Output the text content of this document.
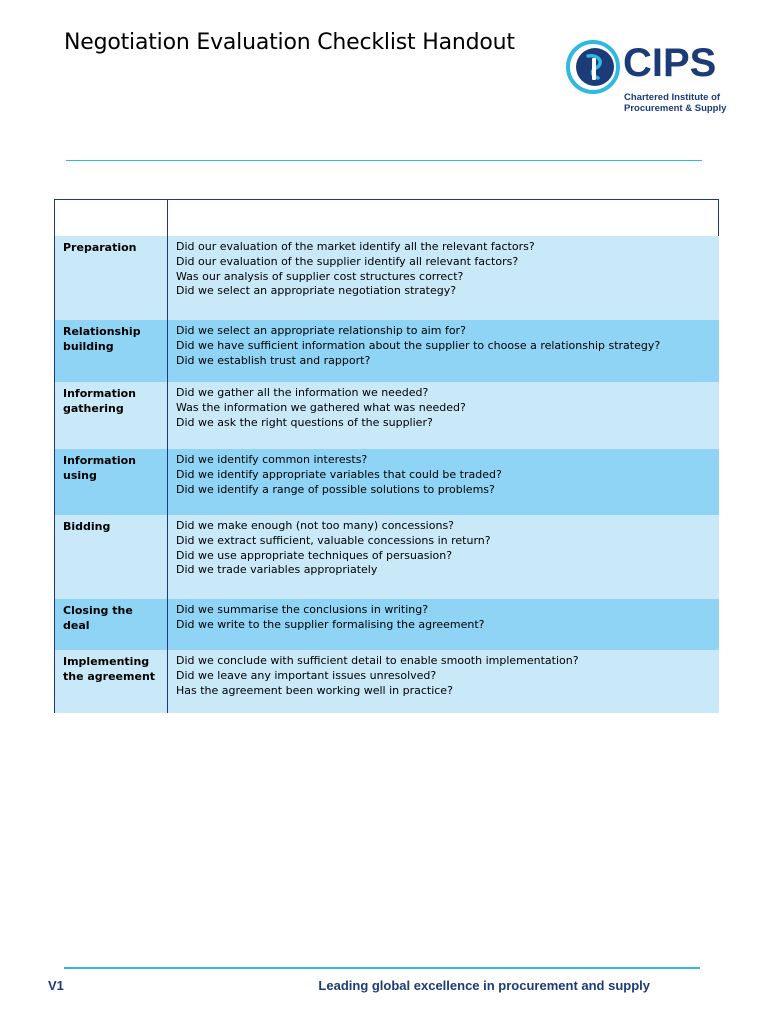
Negotiation Evaluation Checklist Handout	CIPS
Chartered Institute of
Procurement & Supply

Preparation	Did our evaluation of the market identify all the relevant factors?
Did our evaluation of the supplier identify all relevant factors?
Was our analysis of supplier cost structures correct?
Did we select an appropriate negotiation strategy?

Relationship building	Did we select an appropriate relationship to aim for?
Did we have sufficient information about the supplier to choose a relationship strategy?
Did we establish trust and rapport?

Information gathering	Did we gather all the information we needed?
Was the information we gathered what was needed?
Did we ask the right questions of the supplier?

Information using	Did we identify common interests?
Did we identify appropriate variables that could be traded?
Did we identify a range of possible solutions to problems?

Bidding	Did we make enough (not too many) concessions?
Did we extract sufficient, valuable concessions in return?
Did we use appropriate techniques of persuasion?
Did we trade variables appropriately

Closing the deal	Did we summarise the conclusions in writing?
Did we write to the supplier formalising the agreement?

Implementing the agreement	Did we conclude with sufficient detail to enable smooth implementation?
Did we leave any important issues unresolved?
Has the agreement been working well in practice?
V1	Leading global excellence in procurement and supply
